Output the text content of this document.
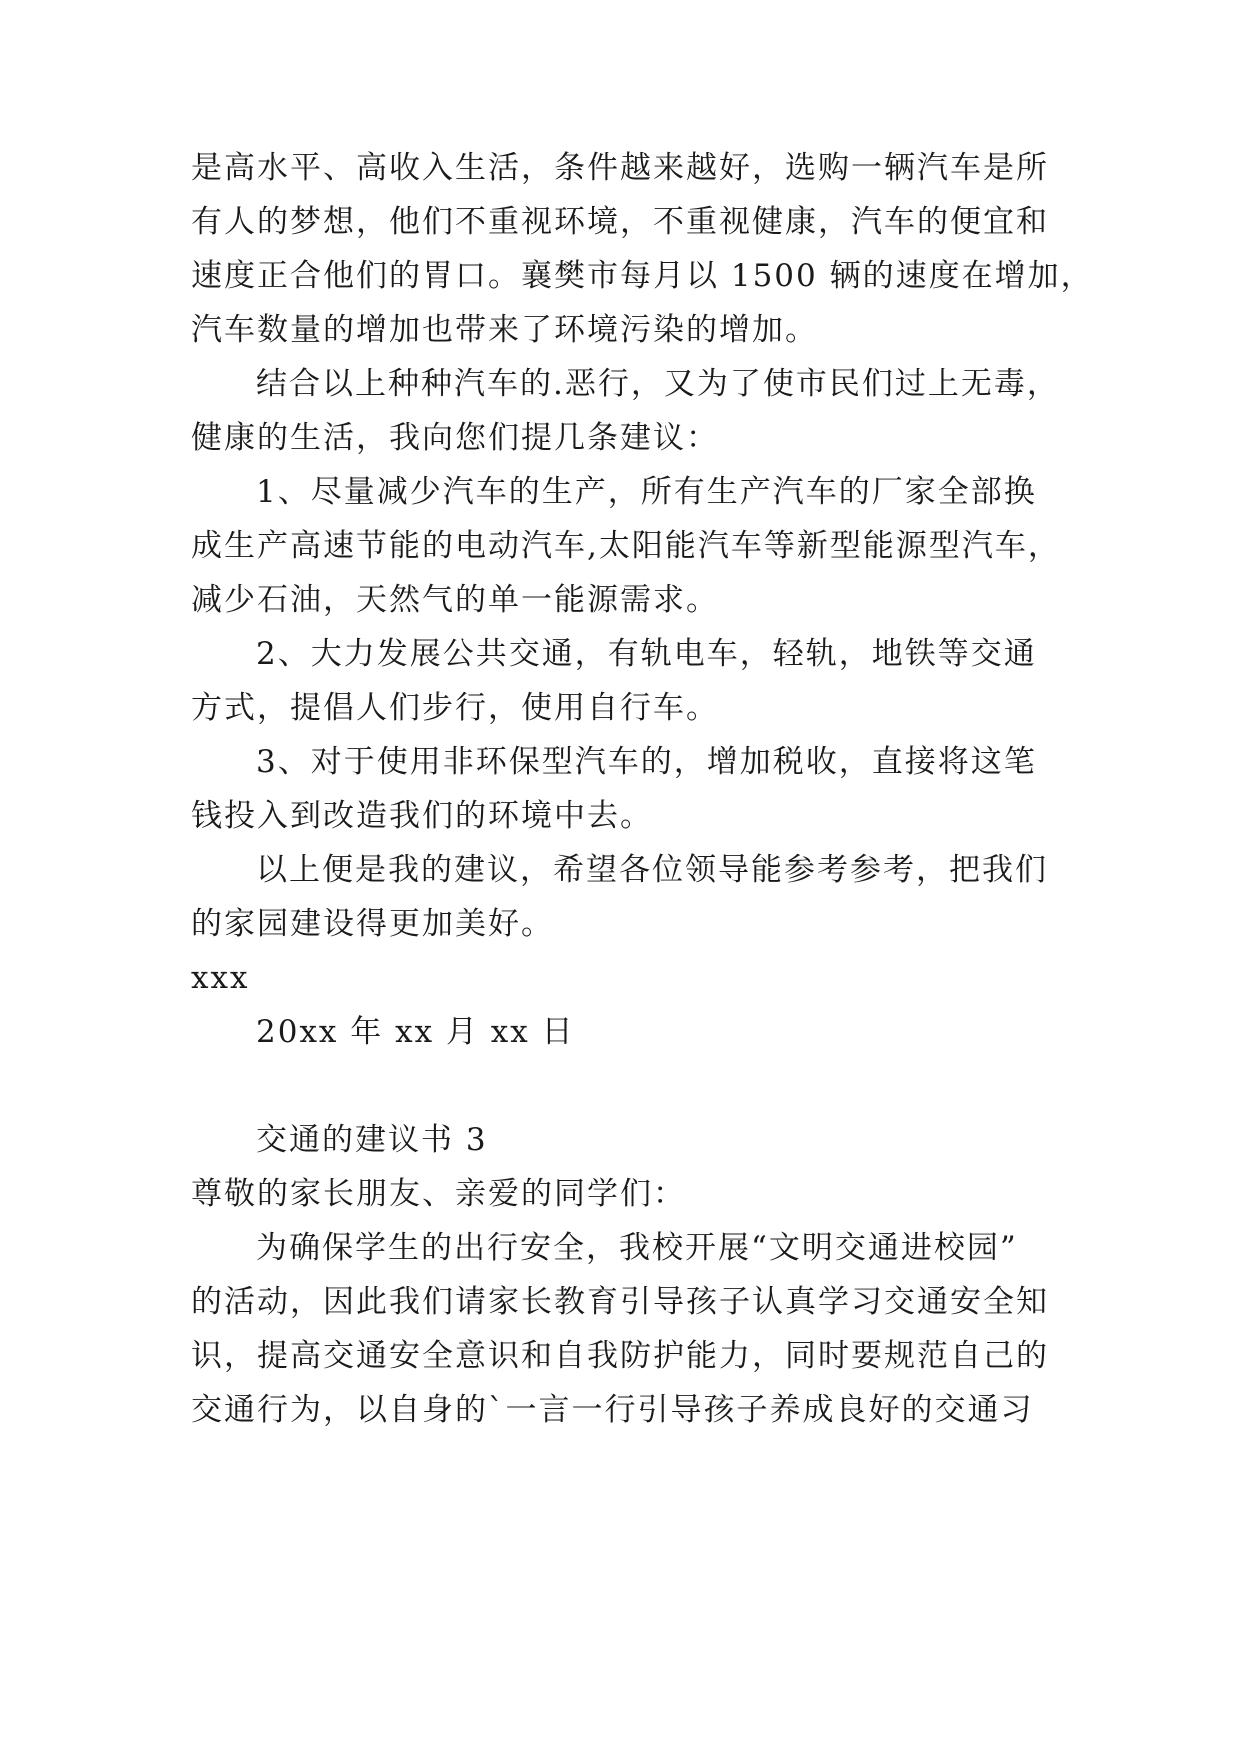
是高水平、高收入生活，条件越来越好，选购一辆汽车是所
有人的梦想，他们不重视环境，不重视健康，汽车的便宜和
速度正合他们的胃口。襄樊市每月以 1500 辆的速度在增加，
汽车数量的增加也带来了环境污染的增加。
结合以上种种汽车的.恶行，又为了使市民们过上无毒，
健康的生活，我向您们提几条建议：
1、尽量减少汽车的生产，所有生产汽车的厂家全部换
成生产高速节能的电动汽车,太阳能汽车等新型能源型汽车，
减少石油，天然气的单一能源需求。
2、大力发展公共交通，有轨电车，轻轨，地铁等交通
方式，提倡人们步行，使用自行车。
3、对于使用非环保型汽车的，增加税收，直接将这笔
钱投入到改造我们的环境中去。
以上便是我的建议，希望各位领导能参考参考，把我们
的家园建设得更加美好。
xxx
20xx 年 xx 月 xx 日
交通的建议书 3
尊敬的家长朋友、亲爱的同学们：
为确保学生的出行安全，我校开展“文明交通进校园”
的活动，因此我们请家长教育引导孩子认真学习交通安全知
识，提高交通安全意识和自我防护能力，同时要规范自己的
交通行为，以自身的`一言一行引导孩子养成良好的交通习
